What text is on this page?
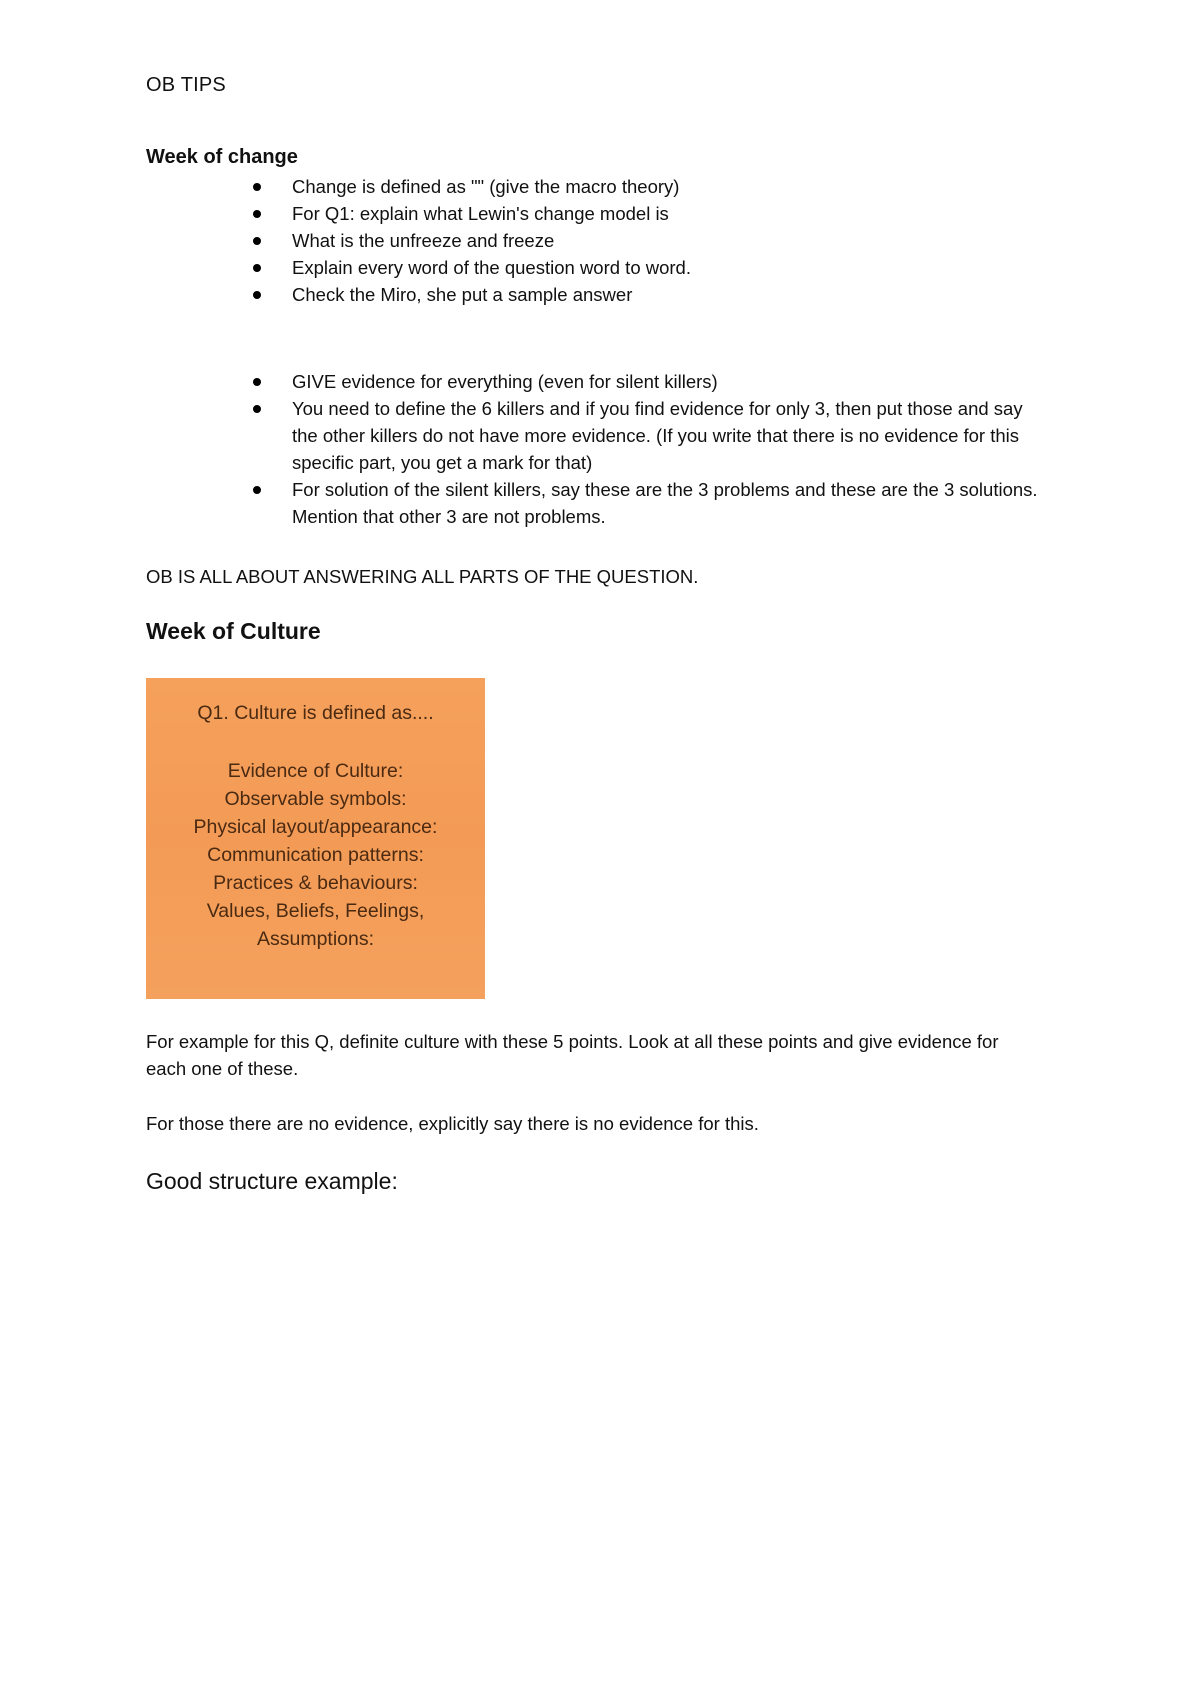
OB TIPS
Week of change
Change is defined as "" (give the macro theory)
For Q1: explain what Lewin's change model is
What is the unfreeze and freeze
Explain every word of the question word to word.
Check the Miro, she put a sample answer
GIVE evidence for everything (even for silent killers)
You need to define the 6 killers and if you find evidence for only 3, then put those and say the other killers do not have more evidence. (If you write that there is no evidence for this specific part, you get a mark for that)
For solution of the silent killers, say these are the 3 problems and these are the 3 solutions. Mention that other 3 are not problems.
OB IS ALL ABOUT ANSWERING ALL PARTS OF THE QUESTION.
Week of Culture
Q1. Culture is defined as....
Evidence of Culture:
Observable symbols:
Physical layout/appearance:
Communication patterns:
Practices & behaviours:
Values, Beliefs, Feelings,
Assumptions:
For example for this Q, definite culture with these 5 points. Look at all these points and give evidence for each one of these.
For those there are no evidence, explicitly say there is no evidence for this.
Good structure example:
